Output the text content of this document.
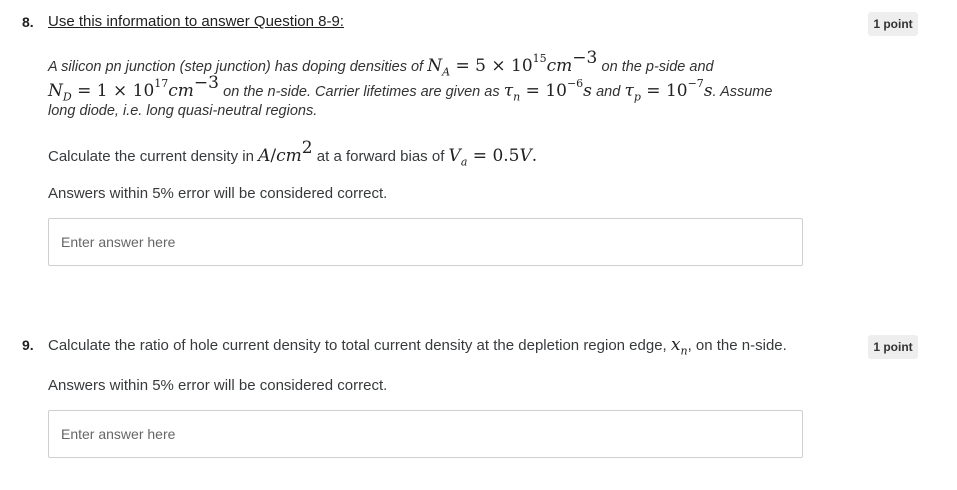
8.	1 point
Use this information to answer Question 8-9:
A silicon pn junction (step junction) has doping densities of $N_A = 5 \times 10^{15}cm^{-3}$ on the p-side and
$N_D = 1 \times 10^{17}cm^{-3}$ on the n-side. Carrier lifetimes are given as $\tau_n = 10^{-6}s$ and $\tau_p = 10^{-7}s$. Assume
long diode, i.e. long quasi-neutral regions.
Calculate the current density in $A/cm^2$ at a forward bias of $V_a = 0.5V$.
Answers within 5% error will be considered correct.
Enter answer here
9.	1 point
Calculate the ratio of hole current density to total current density at the depletion region edge, $x_n$, on the n-side.
Answers within 5% error will be considered correct.
Enter answer here
